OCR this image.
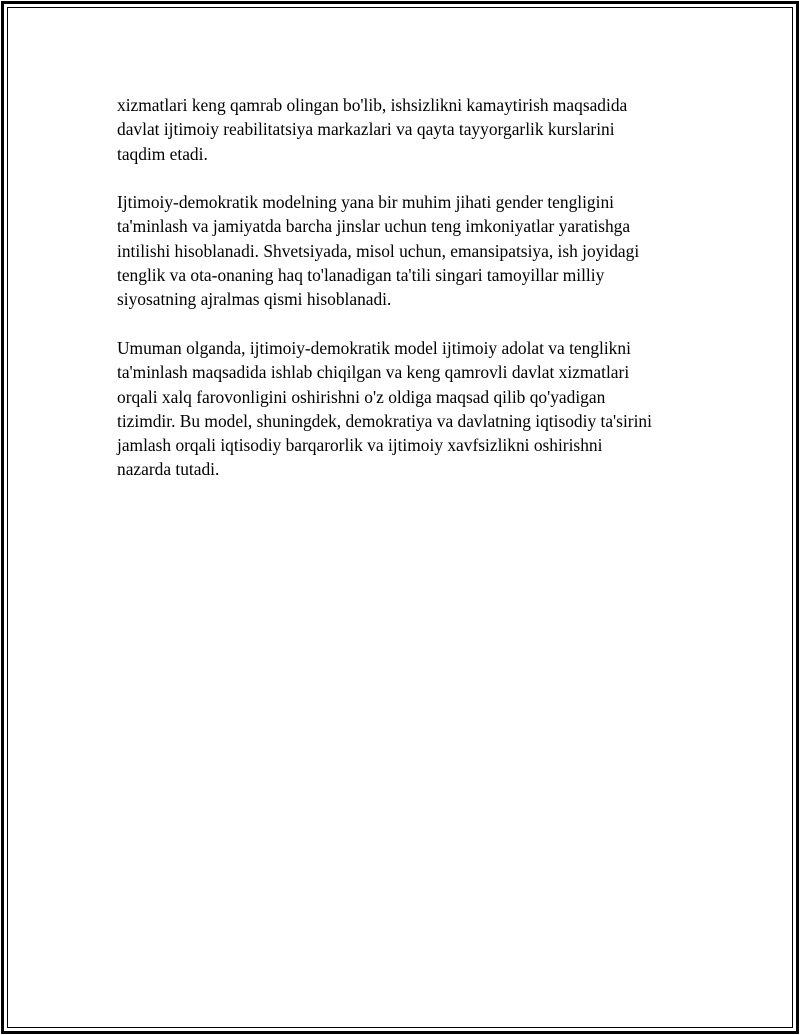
xizmatlari keng qamrab olingan bo'lib, ishsizlikni kamaytirish maqsadida
davlat ijtimoiy reabilitatsiya markazlari va qayta tayyorgarlik kurslarini
taqdim etadi.

Ijtimoiy-demokratik modelning yana bir muhim jihati gender tengligini
ta'minlash va jamiyatda barcha jinslar uchun teng imkoniyatlar yaratishga
intilishi hisoblanadi. Shvetsiyada, misol uchun, emansipatsiya, ish joyidagi
tenglik va ota-onaning haq to'lanadigan ta'tili singari tamoyillar milliy
siyosatning ajralmas qismi hisoblanadi.

Umuman olganda, ijtimoiy-demokratik model ijtimoiy adolat va tenglikni
ta'minlash maqsadida ishlab chiqilgan va keng qamrovli davlat xizmatlari
orqali xalq farovonligini oshirishni o'z oldiga maqsad qilib qo'yadigan
tizimdir. Bu model, shuningdek, demokratiya va davlatning iqtisodiy ta'sirini
jamlash orqali iqtisodiy barqarorlik va ijtimoiy xavfsizlikni oshirishni
nazarda tutadi.
